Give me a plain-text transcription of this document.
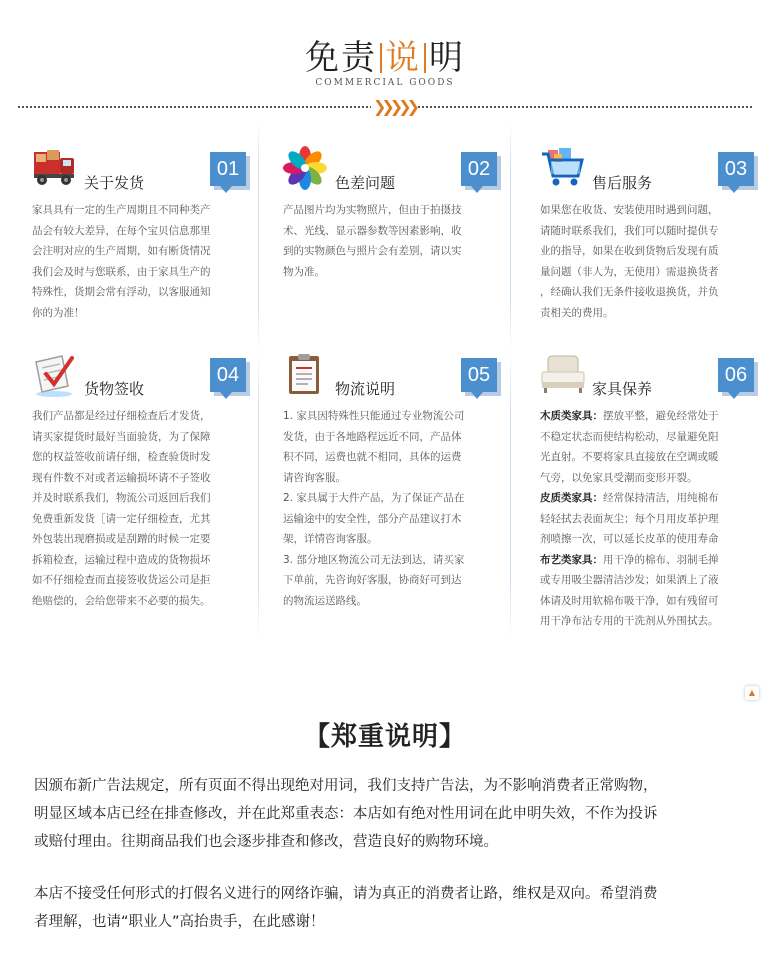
免责 说 明
COMMERCIAL GOODS
❯❯❯❯❯
关于发货
01
家具具有一定的生产周期且不同种类产
品会有较大差异，在每个宝贝信息那里
会注明对应的生产周期，如有断货情况
我们会及时与您联系，由于家具生产的
特殊性，货期会常有浮动，以客服通知
你的为准！
色差问题
02
产品图片均为实物照片，但由于拍摄技
术、光线、显示器参数等因素影响，收
到的实物颜色与照片会有差别，请以实
物为准。
售后服务
03
如果您在收货、安装使用时遇到问题，
请随时联系我们，我们可以随时提供专
业的指导，如果在收到货物后发现有质
量问题（非人为，无使用）需退换货者
，经确认我们无条件接收退换货，并负
责相关的费用。
货物签收
04
我们产品都是经过仔细检查后才发货，
请买家提货时最好当面验货，为了保障
您的权益签收前请仔细，检查验货时发
现有件数不对或者运输损坏请不子签收
并及时联系我们，物流公司返回后我们
免费重新发货［请一定仔细检查，尤其
外包装出现磨损或是刮蹭的时候一定要
拆箱检查，运输过程中造成的货物损坏
如不仔细检查而直接签收货运公司是拒
绝赔偿的，会给您带来不必要的损失。
物流说明
05
1. 家具因特殊性只能通过专业物流公司
发货，由于各地路程远近不同，产品体
积不同，运费也就不相同，具体的运费
请咨询客服。
2. 家具属于大件产品，为了保证产品在
运输途中的安全性，部分产品建议打木
架，详情咨询客服。
3. 部分地区物流公司无法到达，请买家
下单前，先咨询好客服，协商好可到达
的物流运送路线。
家具保养
06
木质类家具：摆放平整，避免经常处于
不稳定状态而使结构松动，尽量避免阳
光直射。不要将家具直接放在空调或暖
气旁，以免家具受潮而变形开裂。
皮质类家具：经常保持清洁，用纯棉布
轻轻拭去表面灰尘；每个月用皮革护理
剂喷擦一次，可以延长皮革的使用寿命
布艺类家具：用干净的棉布、羽制毛掸
或专用吸尘器清洁沙发；如果洒上了液
体请及时用软棉布吸干净，如有残留可
用干净布沾专用的干洗剂从外围拭去。
▲
【郑重说明】
因颁布新广告法规定，所有页面不得出现绝对用词，我们支持广告法，为不影响消费者正常购物，
明显区域本店已经在排查修改，并在此郑重表态：本店如有绝对性用词在此申明失效，不作为投诉
或赔付理由。往期商品我们也会逐步排查和修改，营造良好的购物环境。
本店不接受任何形式的打假名义进行的网络诈骗，请为真正的消费者让路，维权是双向。希望消费
者理解，也请“职业人”高抬贵手，在此感谢！
